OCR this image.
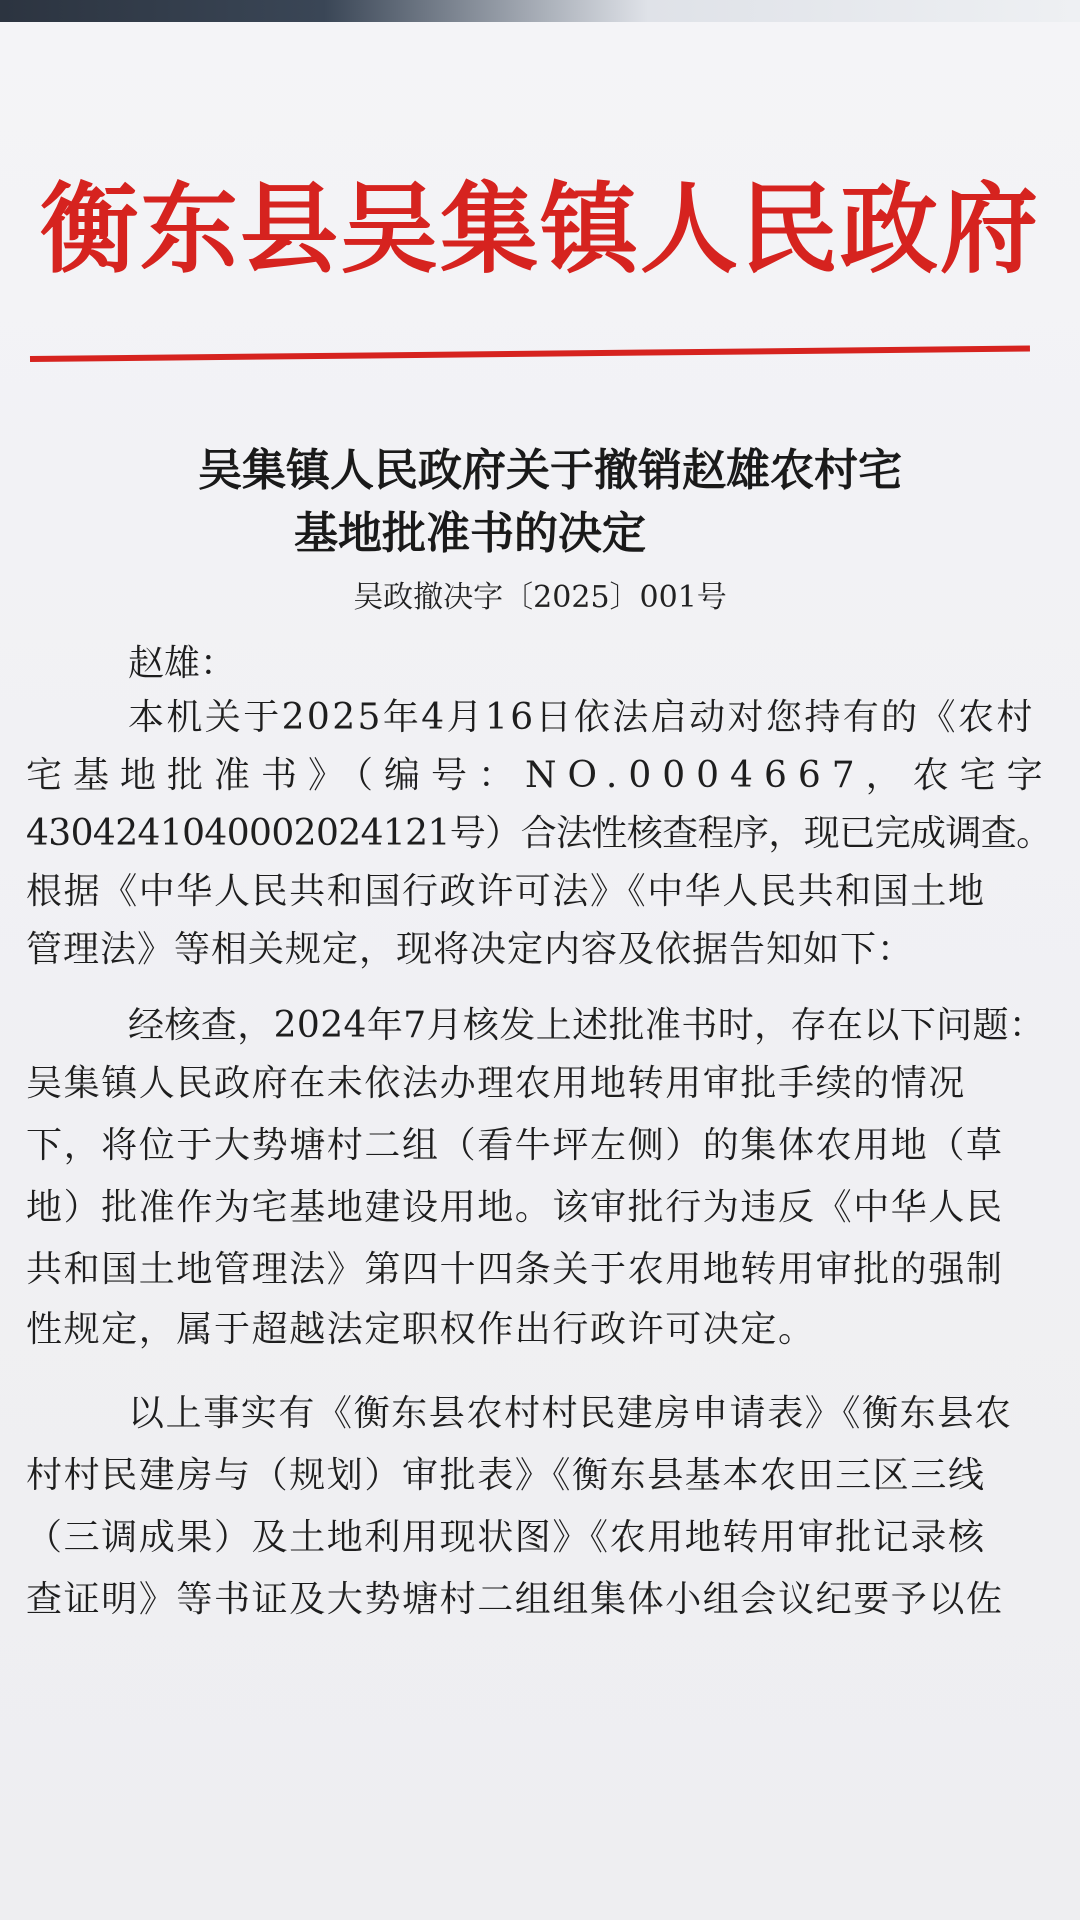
衡东县吴集镇人民政府
吴集镇人民政府关于撤销赵雄农村宅
基地批准书的决定
吴政撤决字〔2025〕001号
赵雄：
本机关于2025年4月16日依法启动对您持有的《农村
宅基地批准书》（编号：NO.0004667，农宅字
43042410400020241​21号）合法性核查程序，现已完成调查。
根据《中华人民共和国行政许可法》《中华人民共和国土地
管理法》等相关规定，现将决定内容及依据告知如下：
经核查，2024年7月核发上述批准书时，存在以下问题：
吴集镇人民政府在未依法办理农用地转用审批手续的情况
下，将位于大势塘村二组（看牛坪左侧）的集体农用地（草
地）批准作为宅基地建设用地。该审批行为违反《中华人民
共和国土地管理法》第四十四条关于农用地转用审批的强制
性规定，属于超越法定职权作出行政许可决定。
以上事实有《衡东县农村村民建房申请表》《衡东县农
村村民建房与（规划）审批表》《衡东县基本农田三区三线
（三调成果）及土地利用现状图》《农用地转用审批记录核
查证明》等书证及大势塘村二组组集体小组会议纪要予以佐
